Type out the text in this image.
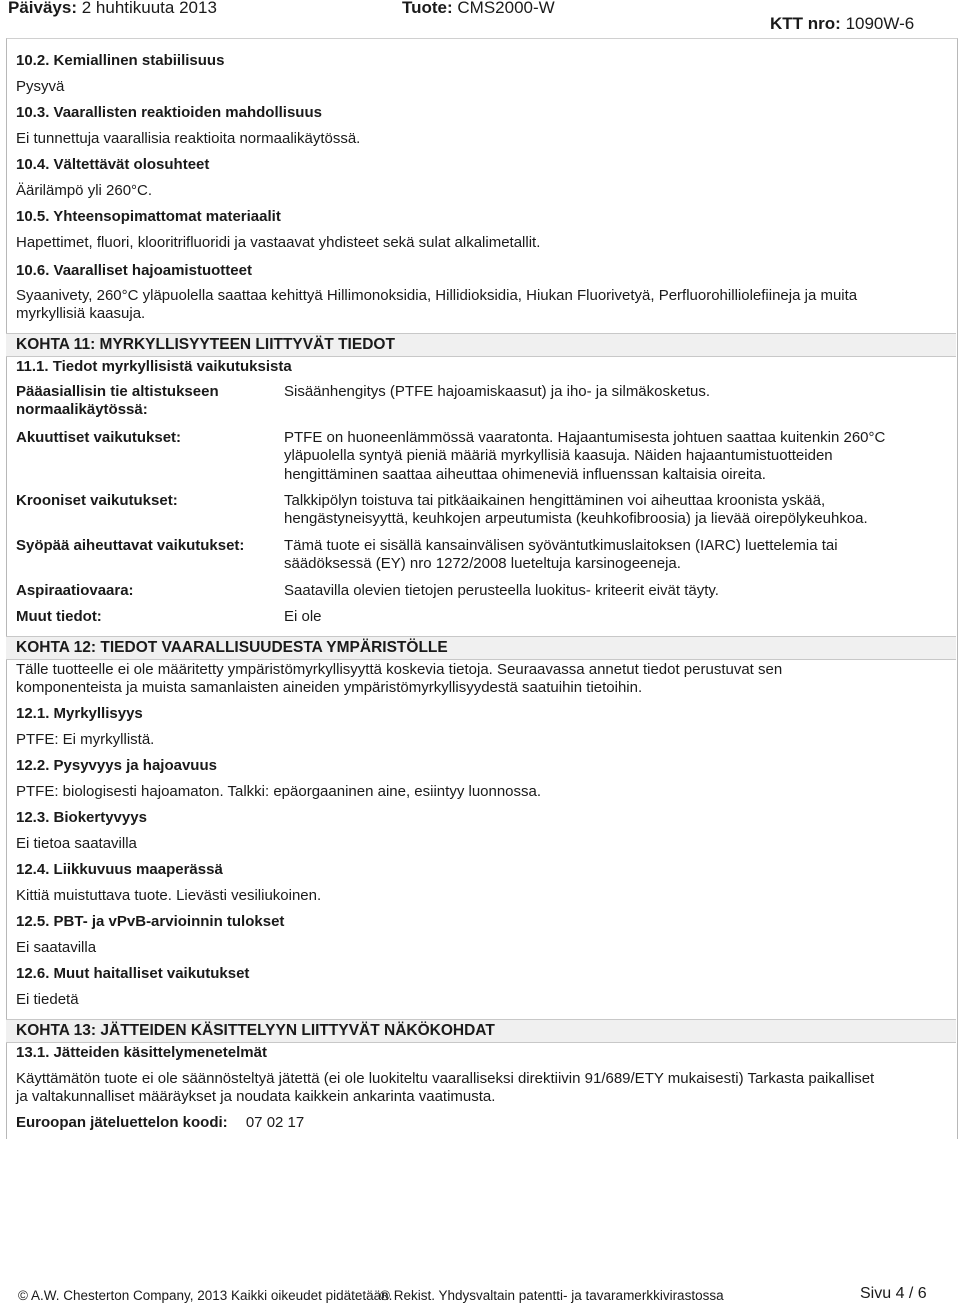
Päiväys: 2 huhtikuuta 2013	Tuote: CMS2000-W
KTT nro: 1090W-6
10.2. Kemiallinen stabiilisuus
Pysyvä
10.3. Vaarallisten reaktioiden mahdollisuus
Ei tunnettuja vaarallisia reaktioita normaalikäytössä.
10.4. Vältettävät olosuhteet
Äärilämpö yli 260°C.
10.5. Yhteensopimattomat materiaalit
Hapettimet, fluori, klooritrifluoridi ja vastaavat yhdisteet sekä sulat alkalimetallit.
10.6. Vaaralliset hajoamistuotteet
Syaanivety, 260°C yläpuolella saattaa kehittyä Hillimonoksidia, Hillidioksidia, Hiukan Fluorivetyä, Perfluorohilliolefiineja ja muita
myrkyllisiä kaasuja.
KOHTA 11: MYRKYLLISYYTEEN LIITTYVÄT TIEDOT
11.1. Tiedot myrkyllisistä vaikutuksista
Pääasiallisin tie altistukseen
normaalikäytössä:
Sisäänhengitys (PTFE hajoamiskaasut) ja iho- ja silmäkosketus.
Akuuttiset vaikutukset:	PTFE on huoneenlämmössä vaaratonta. Hajaantumisesta johtuen saattaa kuitenkin 260°C
yläpuolella syntyä pieniä määriä myrkyllisiä kaasuja. Näiden hajaantumistuotteiden
hengittäminen saattaa aiheuttaa ohimeneviä influenssan kaltaisia oireita.
Krooniset vaikutukset:	Talkkipölyn toistuva tai pitkäaikainen hengittäminen voi aiheuttaa kroonista yskää,
hengästyneisyyttä, keuhkojen arpeutumista (keuhkofibroosia) ja lievää oirepölykeuhkoa.
Syöpää aiheuttavat vaikutukset:	Tämä tuote ei sisällä kansainvälisen syöväntutkimuslaitoksen (IARC) luettelemia tai
säädöksessä (EY) nro 1272/2008 lueteltuja karsinogeeneja.
Aspiraatiovaara:	Saatavilla olevien tietojen perusteella luokitus- kriteerit eivät täyty.
Muut tiedot:	Ei ole
KOHTA 12: TIEDOT VAARALLISUUDESTA YMPÄRISTÖLLE
Tälle tuotteelle ei ole määritetty ympäristömyrkyllisyyttä koskevia tietoja. Seuraavassa annetut tiedot perustuvat sen
komponenteista ja muista samanlaisten aineiden ympäristömyrkyllisyydestä saatuihin tietoihin.
12.1. Myrkyllisyys
PTFE: Ei myrkyllistä.
12.2. Pysyvyys ja hajoavuus
PTFE: biologisesti hajoamaton. Talkki: epäorgaaninen aine, esiintyy luonnossa.
12.3. Biokertyvyys
Ei tietoa saatavilla
12.4. Liikkuvuus maaperässä
Kittiä muistuttava tuote. Lievästi vesiliukoinen.
12.5. PBT- ja vPvB-arvioinnin tulokset
Ei saatavilla
12.6. Muut haitalliset vaikutukset
Ei tiedetä
KOHTA 13: JÄTTEIDEN KÄSITTELYYN LIITTYVÄT NÄKÖKOHDAT
13.1. Jätteiden käsittelymenetelmät
Käyttämätön tuote ei ole säännösteltyä jätettä (ei ole luokiteltu vaaralliseksi direktiivin 91/689/ETY mukaisesti) Tarkasta paikalliset
ja valtakunnalliset määräykset ja noudata kaikkein ankarinta vaatimusta.
Euroopan jäteluettelon koodi: 07 02 17
© A.W. Chesterton Company, 2013 Kaikki oikeudet pidätetään.
® Rekist. Yhdysvaltain patentti- ja tavaramerkkivirastossa	Sivu 4 / 6
